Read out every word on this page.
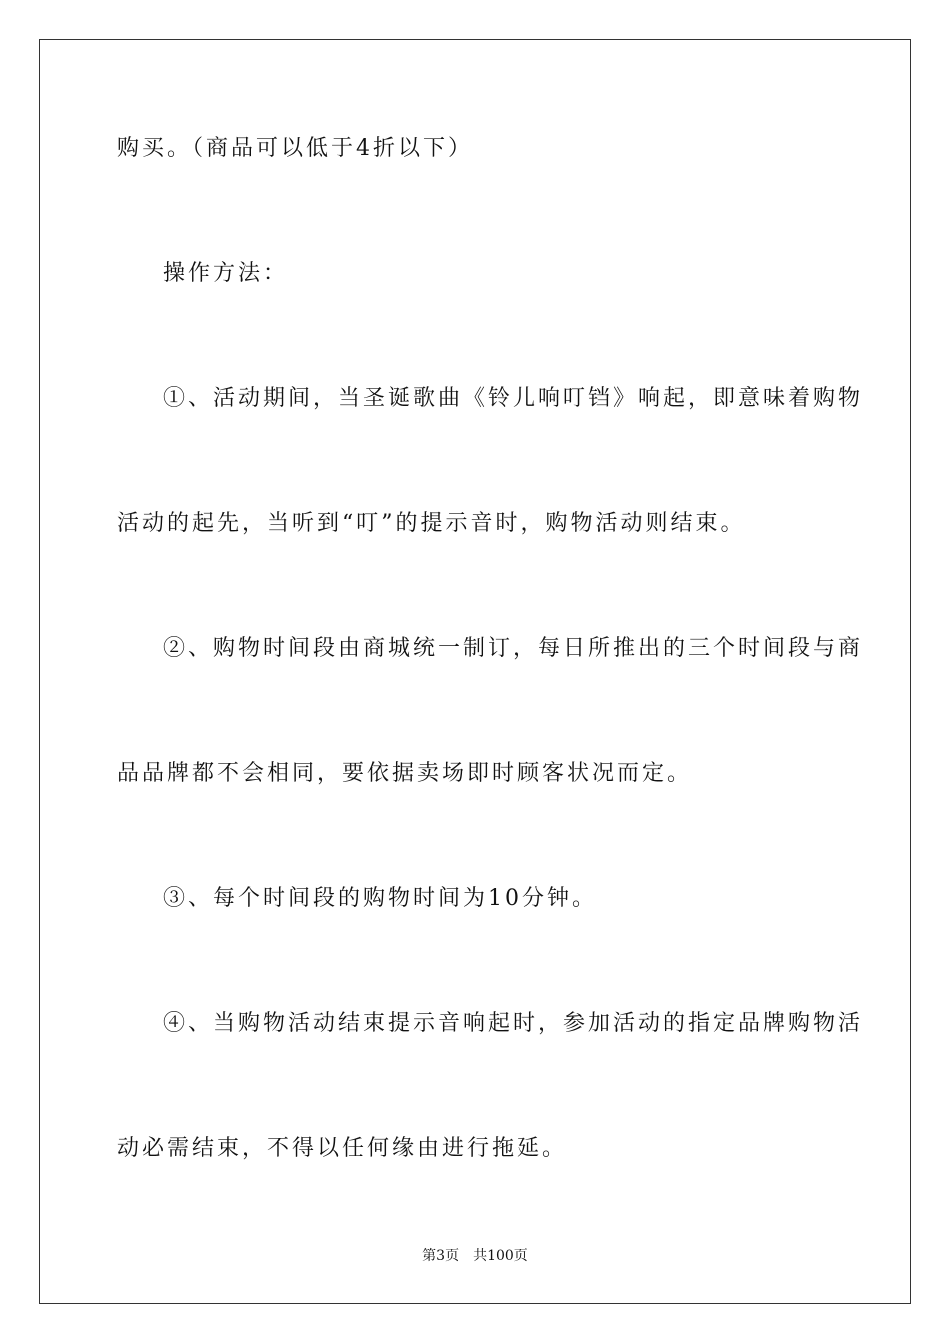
购买。（商品可以低于4折以下）
操作方法：
①、活动期间，当圣诞歌曲《铃儿响叮铛》响起，即意味着购物
活动的起先，当听到“叮”的提示音时，购物活动则结束。
②、购物时间段由商城统一制订，每日所推出的三个时间段与商
品品牌都不会相同，要依据卖场即时顾客状况而定。
③、每个时间段的购物时间为10分钟。
④、当购物活动结束提示音响起时，参加活动的指定品牌购物活
动必需结束，不得以任何缘由进行拖延。
第3页　共100页
